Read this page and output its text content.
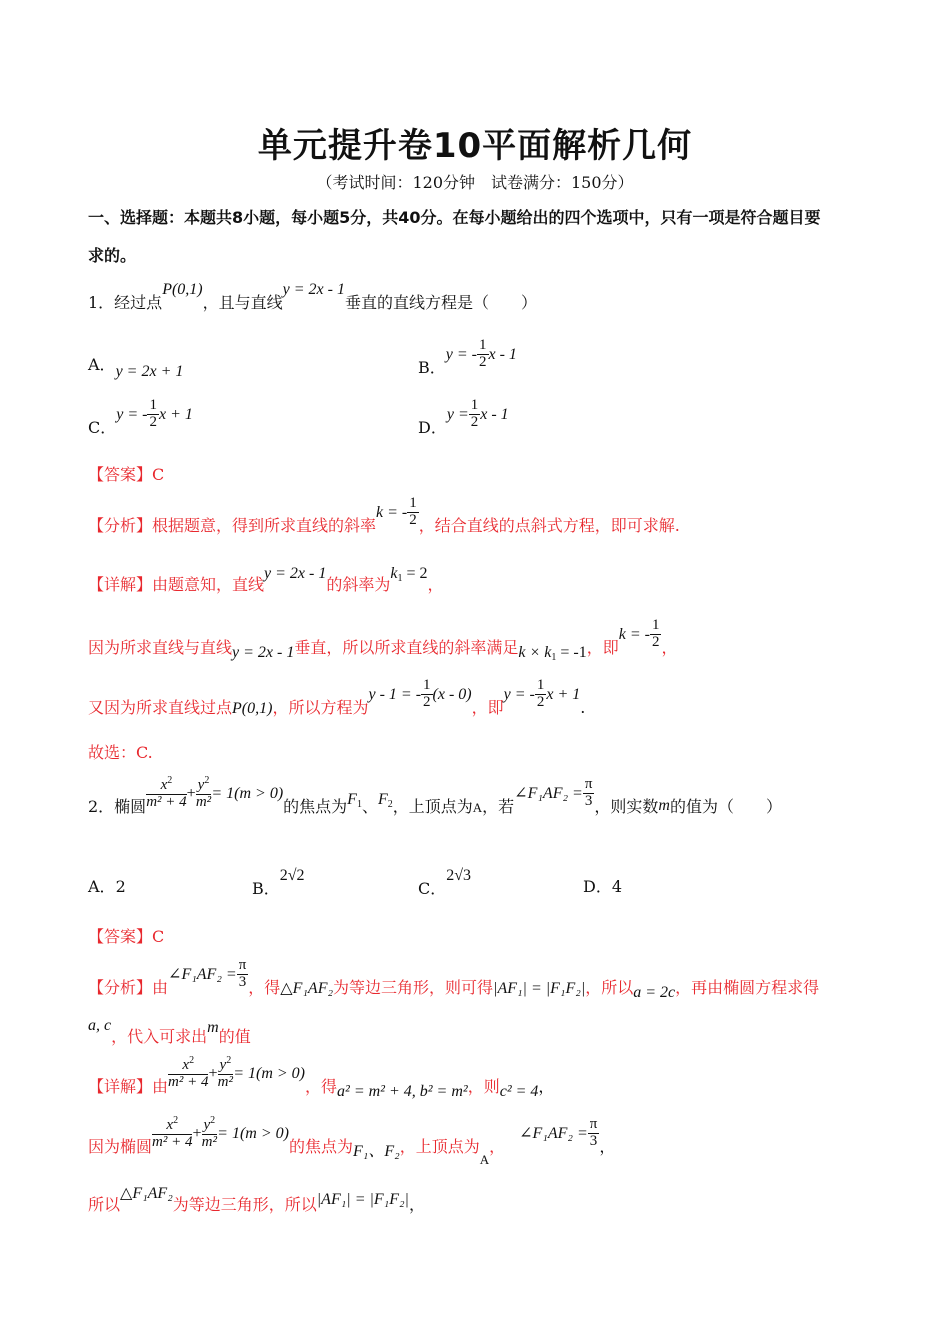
单元提升卷10平面解析几何
（考试时间：120分钟　试卷满分：150分）
一、选择题：本题共8小题，每小题5分，共40分。在每小题给出的四个选项中，只有一项是符合题目要
求的。
1．经过点P(0,1)，且与直线y = 2x - 1垂直的直线方程是（　　）
A．y = 2x + 1	B．y = - $\frac{1}{2}$ x - 1
C．y = - $\frac{1}{2}$ x + 1
D．$y = \frac{1}{2}$ x - 1
【答案】C
【分析】根据题意，得到所求直线的斜率k = - $\frac{1}{2}$ ，结合直线的点斜式方程，即可求解.
【详解】由题意知，直线y = 2x - 1的斜率为$k_1 = 2$，
因为所求直线与直线y = 2x - 1垂直，所以所求直线的斜率满足$k \times k_1 = -1$，即k = - $\frac{1}{2}$ ，
又因为所求直线过点P(0,1)，所以方程为y - 1 = - $\frac{1}{2} (x - 0)$，即y = - $\frac{1}{2}$ x + 1.
故选：C.
2．椭圆 $\frac{x^2}{\text{m² + 4}}+ \frac{y^2}{\text{m²}}= 1(m > 0)$的焦点为$F_1$、$F_2$，上顶点为$_A$，若∠F₁AF₂ = $\frac{\pi}{3}$ ，则实数m的值为（　　）
A．2	B．2√2
C．2√3
D．4
【答案】C
【分析】由∠F₁AF₂ = $\frac{\pi}{3}$ ，得△F₁AF₂为等边三角形，则可得|AF₁| = |F₁F₂|，所以a = 2c，再由椭圆方程求得
a, c，代入可求出m的值
【详解】由 $\frac{x^2}{\text{m² + 4}}+ \frac{y^2}{\text{m²}}= 1(m > 0)$，得a² = m² + 4, b² = m²，则c² = 4，
因为椭圆 $\frac{x^2}{\text{m² + 4}}+ \frac{y^2}{\text{m²}}= 1(m > 0)$的焦点为F₁、F₂，上顶点为$_A$，∠F₁AF₂ = $\frac{\pi}{3}$ ，
所以△F₁AF₂为等边三角形，所以|AF₁| = |F₁F₂|，
